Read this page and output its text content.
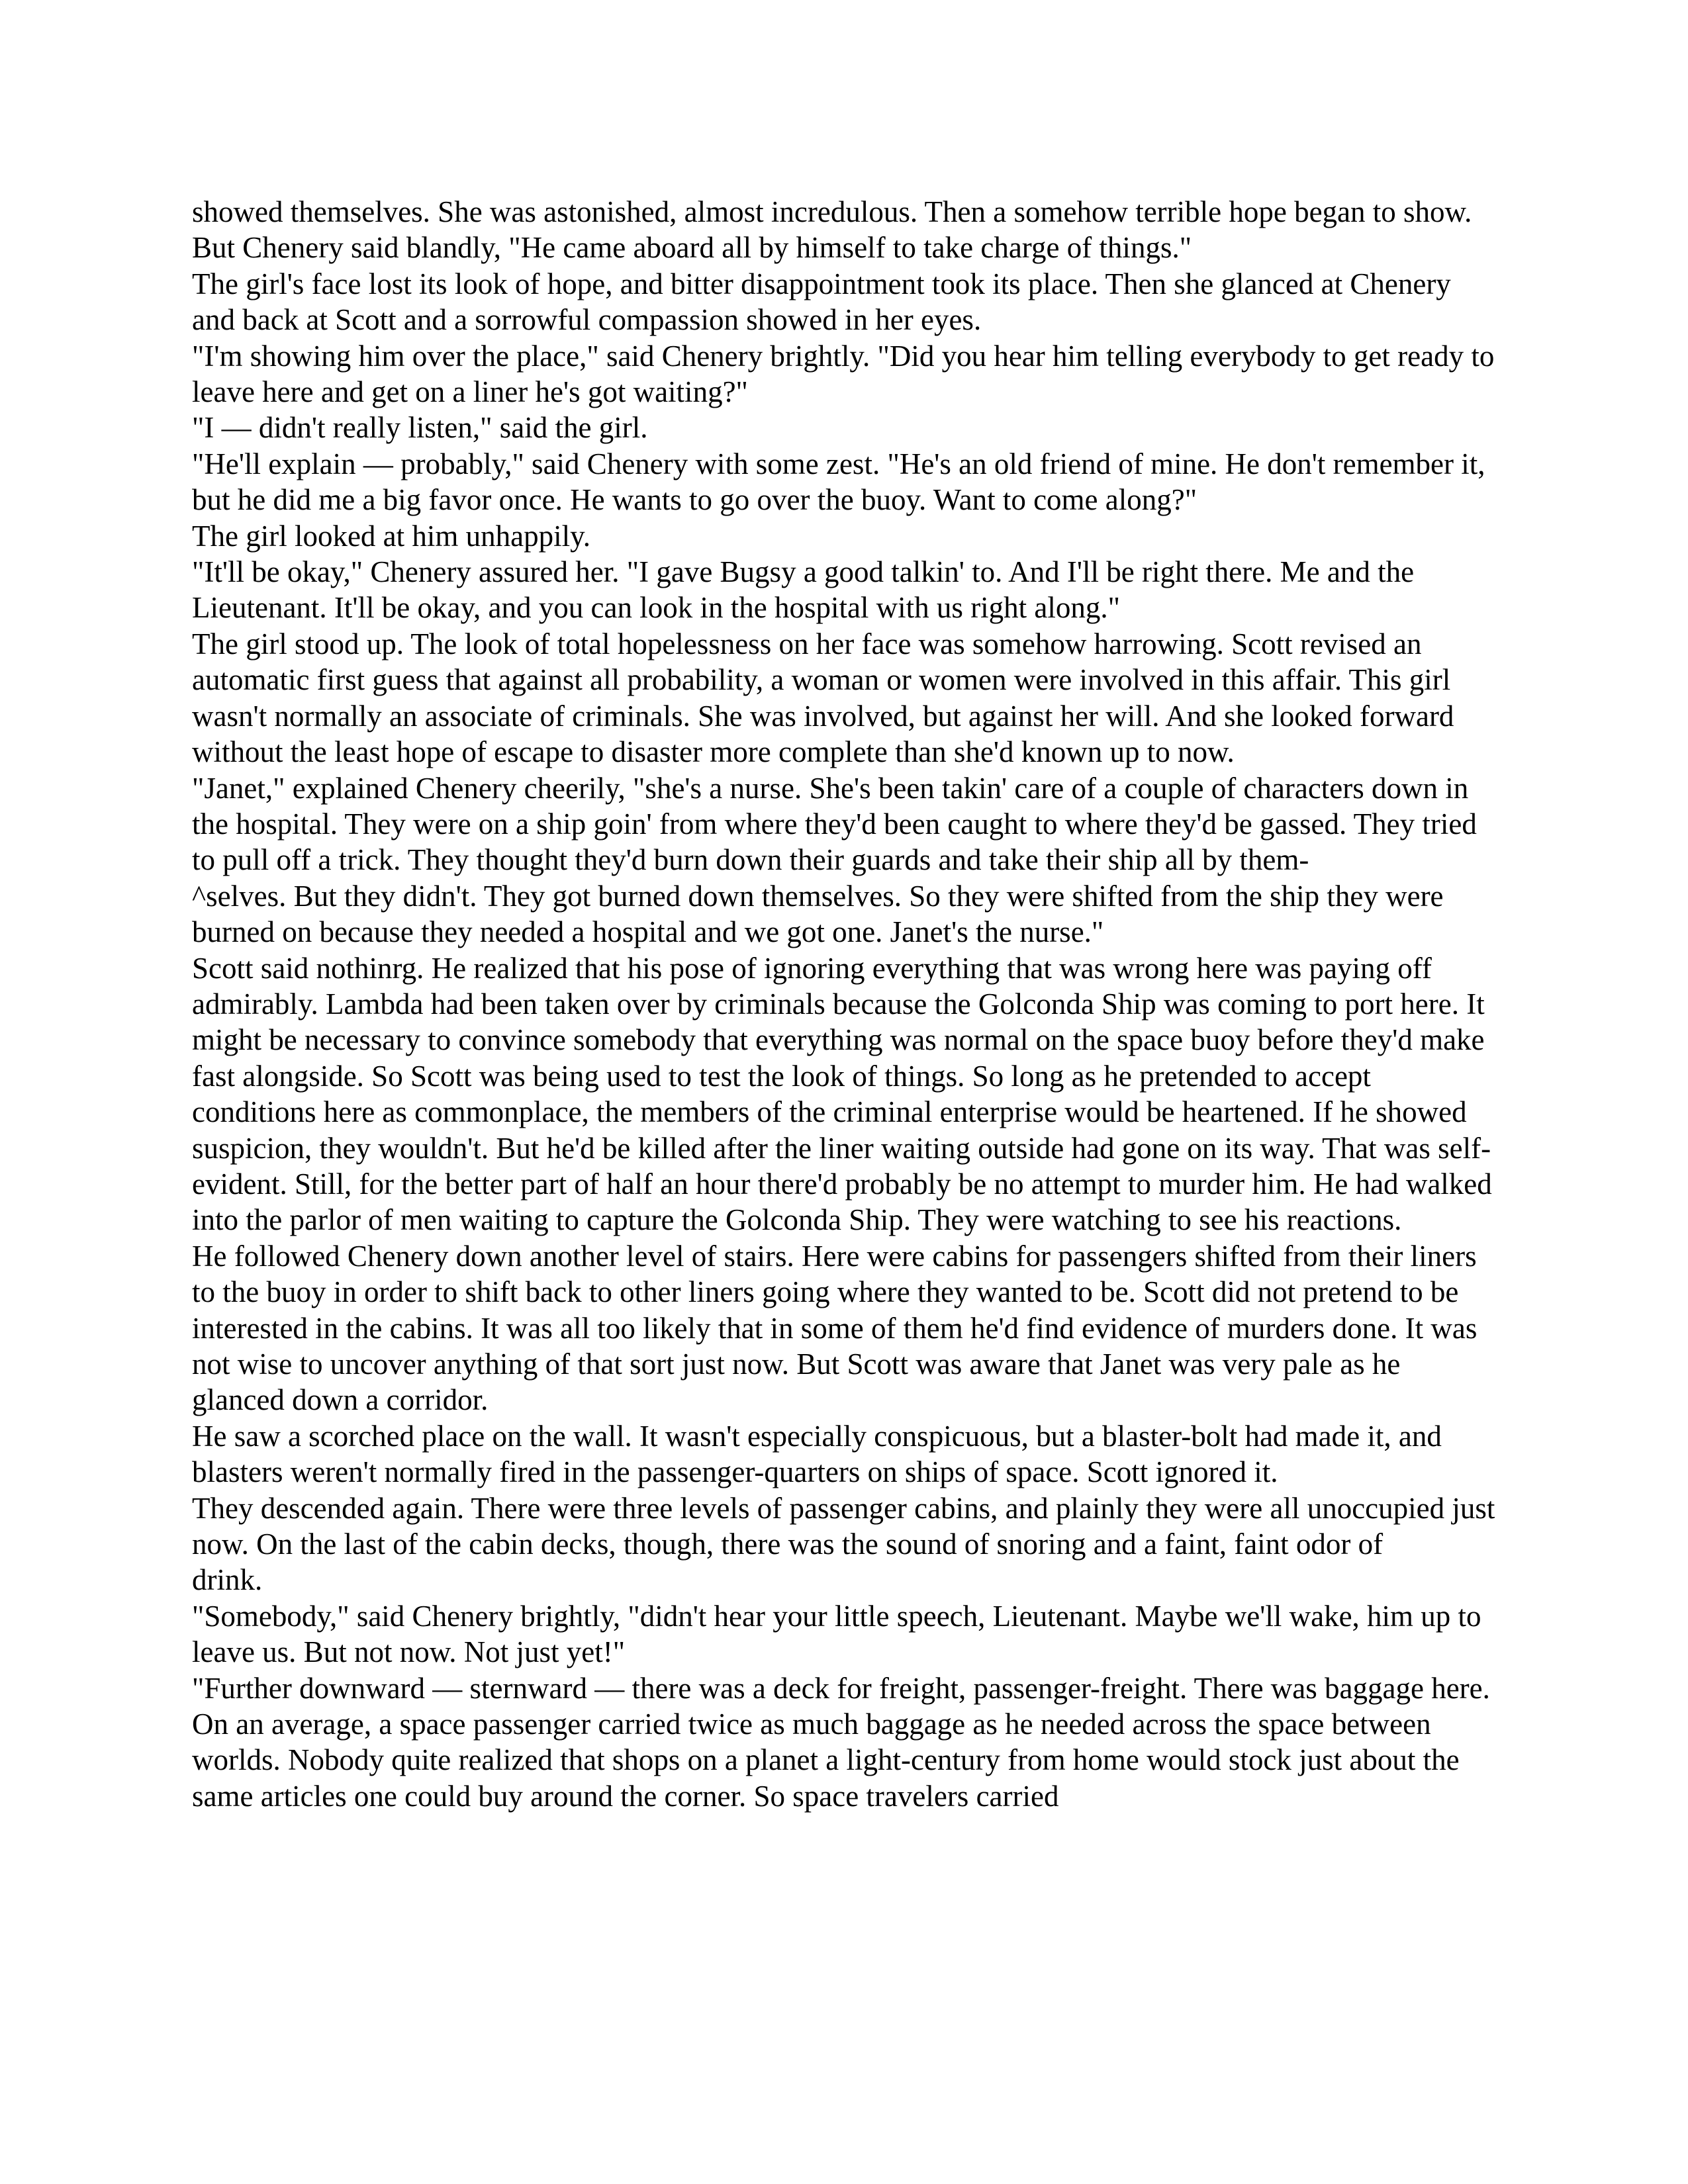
showed themselves. She was astonished, almost incredulous. Then a somehow terrible hope began to show. But Chenery said blandly, "He came aboard all by himself to take charge of things."

The girl's face lost its look of hope, and bitter disappointment took its place. Then she glanced at Chenery and back at Scott and a sorrowful compassion showed in her eyes.

"I'm showing him over the place," said Chenery brightly. "Did you hear him telling everybody to get ready to leave here and get on a liner he's got waiting?"

"I — didn't really listen," said the girl.

"He'll explain — probably," said Chenery with some zest. "He's an old friend of mine. He don't remember it, but he did me a big favor once. He wants to go over the buoy. Want to come along?"

The girl looked at him unhappily.

"It'll be okay," Chenery assured her. "I gave Bugsy a good talkin' to. And I'll be right there. Me and the Lieutenant. It'll be okay, and you can look in the hospital with us right along."

The girl stood up. The look of total hopelessness on her face was somehow harrowing. Scott revised an automatic first guess that against all probability, a woman or women were involved in this affair. This girl wasn't normally an associate of criminals. She was involved, but against her will. And she looked forward without the least hope of escape to disaster more complete than she'd known up to now.

"Janet," explained Chenery cheerily, "she's a nurse. She's been takin' care of a couple of characters down in the hospital. They were on a ship goin' from where they'd been caught to where they'd be gassed. They tried to pull off a trick. They thought they'd burn down their guards and take their ship all by them-

^selves. But they didn't. They got burned down themselves. So they were shifted from the ship they were burned on because they needed a hospital and we got one. Janet's the nurse."

Scott said nothinrg. He realized that his pose of ignoring everything that was wrong here was paying off admirably. Lambda had been taken over by criminals because the Golconda Ship was coming to port here. It might be necessary to convince somebody that everything was normal on the space buoy before they'd make fast alongside. So Scott was being used to test the look of things. So long as he pretended to accept conditions here as commonplace, the members of the criminal enterprise would be heartened. If he showed suspicion, they wouldn't. But he'd be killed after the liner waiting outside had gone on its way. That was self-evident. Still, for the better part of half an hour there'd probably be no attempt to murder him. He had walked into the parlor of men waiting to capture the Golconda Ship. They were watching to see his reactions.

He followed Chenery down another level of stairs. Here were cabins for passengers shifted from their liners to the buoy in order to shift back to other liners going where they wanted to be. Scott did not pretend to be interested in the cabins. It was all too likely that in some of them he'd find evidence of murders done. It was not wise to uncover anything of that sort just now. But Scott was aware that Janet was very pale as he glanced down a corridor.

He saw a scorched place on the wall. It wasn't especially conspicuous, but a blaster-bolt had made it, and blasters weren't normally fired in the passenger-quarters on ships of space. Scott ignored it.

They descended again. There were three levels of passenger cabins, and plainly they were all unoccupied just now. On the last of the cabin decks, though, there was the sound of snoring and a faint, faint odor of

drink.

"Somebody," said Chenery brightly, "didn't hear your little speech, Lieutenant. Maybe we'll wake, him up to leave us. But not now. Not just yet!"

"Further downward — sternward — there was a deck for freight, passenger-freight. There was baggage here. On an average, a space passenger carried twice as much baggage as he needed across the space between worlds. Nobody quite realized that shops on a planet a light-century from home would stock just about the same articles one could buy around the corner. So space travelers carried
